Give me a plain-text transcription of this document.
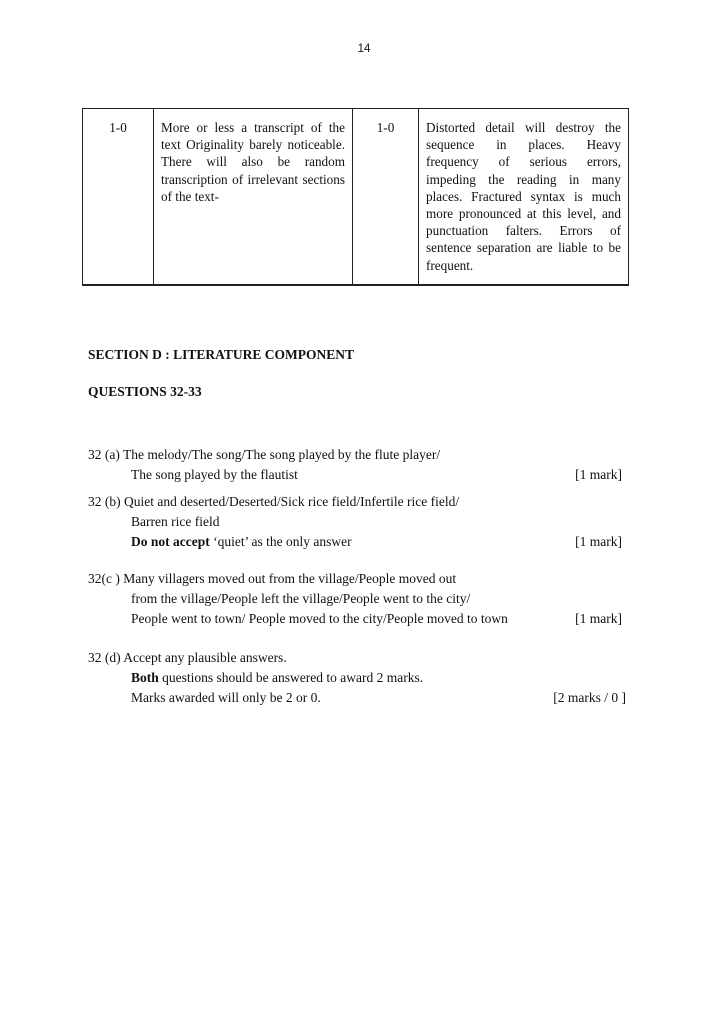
14
1-0	More or less a transcript of the text Originality barely noticeable. There will also be random transcription of irrelevant sections of the text-	1-0	Distorted detail will destroy the sequence in places. Heavy frequency of serious errors, impeding the reading in many places. Fractured syntax is much more pronounced at this level, and punctuation falters. Errors of sentence separation are liable to be frequent.
SECTION D : LITERATURE COMPONENT
QUESTIONS 32-33
32 (a) The melody/The song/The song played by the flute player/
The song played by the flautist	[1 mark]
32 (b) Quiet and deserted/Deserted/Sick rice field/Infertile rice field/
Barren rice field
Do not accept ‘quiet’ as the only answer	[1 mark]
32(c ) Many villagers moved out from the village/People moved out
from the village/People left the village/People went to the city/
People went to town/ People moved to the city/People moved to town	[1 mark]
32 (d) Accept any plausible answers.
Both questions should be answered to award 2 marks.
Marks awarded will only be 2 or 0.	[2 marks / 0 ]
